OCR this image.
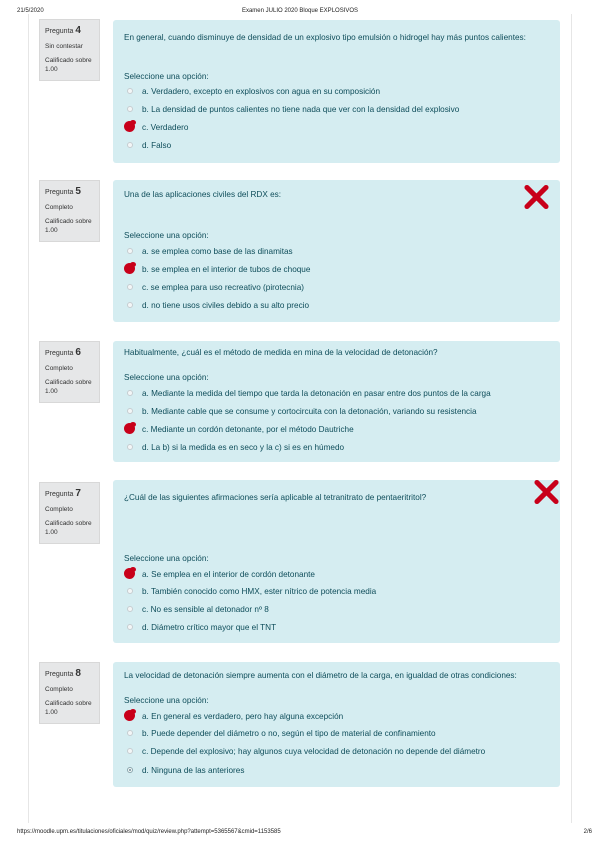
21/5/2020	Examen JULIO 2020 Bloque EXPLOSIVOS
Pregunta 4
Sin contestar
Calificado sobre
1.00
En general, cuando disminuye de densidad de un explosivo tipo emulsión o hidrogel hay más puntos calientes:
Seleccione una opción:
a. Verdadero, excepto en explosivos con agua en su composición
b. La densidad de puntos calientes no tiene nada que ver con la densidad del explosivo
c. Verdadero
d. Falso
Pregunta 5
Completo
Calificado sobre
1.00
Una de las aplicaciones civiles del RDX es:
Seleccione una opción:
a. se emplea como base de las dinamitas
b. se emplea en el interior de tubos de choque
c. se emplea para uso recreativo (pirotecnia)
d. no tiene usos civiles debido a su alto precio
Pregunta 6
Completo
Calificado sobre
1.00
Habitualmente, ¿cuál es el método de medida en mina de la velocidad de detonación?
Seleccione una opción:
a. Mediante la medida del tiempo que tarda la detonación en pasar entre dos puntos de la carga
b. Mediante cable que se consume y cortocircuita con la detonación, variando su resistencia
c. Mediante un cordón detonante, por el método Dautriche
d. La b) si la medida es en seco y la c) si es en húmedo
Pregunta 7
Completo
Calificado sobre
1.00
¿Cuál de las siguientes afirmaciones sería aplicable al tetranitrato de pentaeritritol?
Seleccione una opción:
a. Se emplea en el interior de cordón detonante
b. También conocido como HMX, ester nítrico de potencia media
c. No es sensible al detonador nº 8
d. Diámetro crítico mayor que el TNT
Pregunta 8
Completo
Calificado sobre
1.00
La velocidad de detonación siempre aumenta con el diámetro de la carga, en igualdad de otras condiciones:
Seleccione una opción:
a. En general es verdadero, pero hay alguna excepción
b. Puede depender del diámetro o no, según el tipo de material de confinamiento
c. Depende del explosivo; hay algunos cuya velocidad de detonación no depende del diámetro
d. Ninguna de las anteriores
https://moodle.upm.es/titulaciones/oficiales/mod/quiz/review.php?attempt=5365567&cmid=1153585	2/6
